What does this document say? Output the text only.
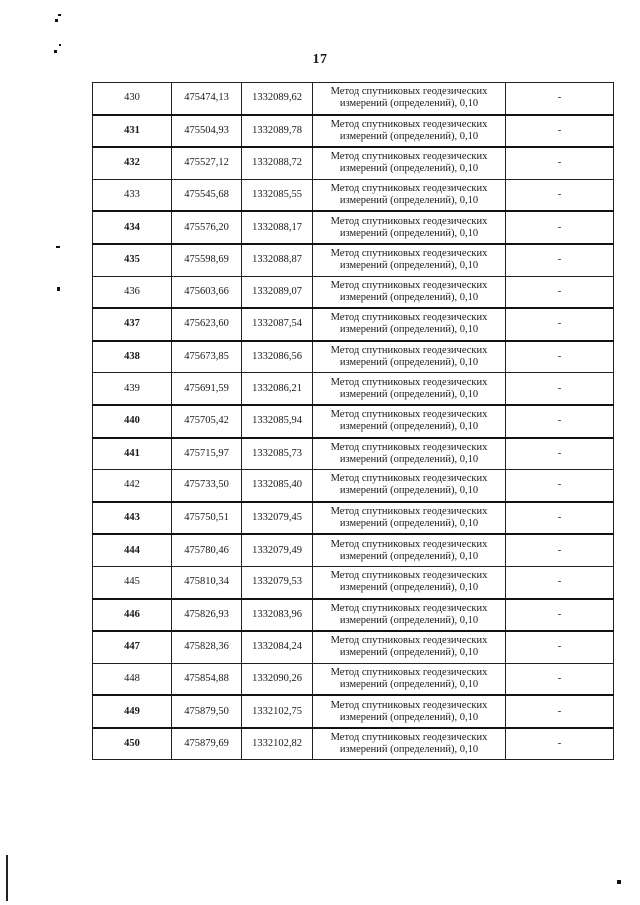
17
430	475474,13	1332089,62	Метод спутниковых геодезических
измерений (определений), 0,10	-
431	475504,93	1332089,78	Метод спутниковых геодезических
измерений (определений), 0,10	-
432	475527,12	1332088,72	Метод спутниковых геодезических
измерений (определений), 0,10	-
433	475545,68	1332085,55	Метод спутниковых геодезических
измерений (определений), 0,10	-
434	475576,20	1332088,17	Метод спутниковых геодезических
измерений (определений), 0,10	-
435	475598,69	1332088,87	Метод спутниковых геодезических
измерений (определений), 0,10	-
436	475603,66	1332089,07	Метод спутниковых геодезических
измерений (определений), 0,10	-
437	475623,60	1332087,54	Метод спутниковых геодезических
измерений (определений), 0,10	-
438	475673,85	1332086,56	Метод спутниковых геодезических
измерений (определений), 0,10	-
439	475691,59	1332086,21	Метод спутниковых геодезических
измерений (определений), 0,10	-
440	475705,42	1332085,94	Метод спутниковых геодезических
измерений (определений), 0,10	-
441	475715,97	1332085,73	Метод спутниковых геодезических
измерений (определений), 0,10	-
442	475733,50	1332085,40	Метод спутниковых геодезических
измерений (определений), 0,10	-
443	475750,51	1332079,45	Метод спутниковых геодезических
измерений (определений), 0,10	-
444	475780,46	1332079,49	Метод спутниковых геодезических
измерений (определений), 0,10	-
445	475810,34	1332079,53	Метод спутниковых геодезических
измерений (определений), 0,10	-
446	475826,93	1332083,96	Метод спутниковых геодезических
измерений (определений), 0,10	-
447	475828,36	1332084,24	Метод спутниковых геодезических
измерений (определений), 0,10	-
448	475854,88	1332090,26	Метод спутниковых геодезических
измерений (определений), 0,10	-
449	475879,50	1332102,75	Метод спутниковых геодезических
измерений (определений), 0,10	-
450	475879,69	1332102,82	Метод спутниковых геодезических
измерений (определений), 0,10	-
